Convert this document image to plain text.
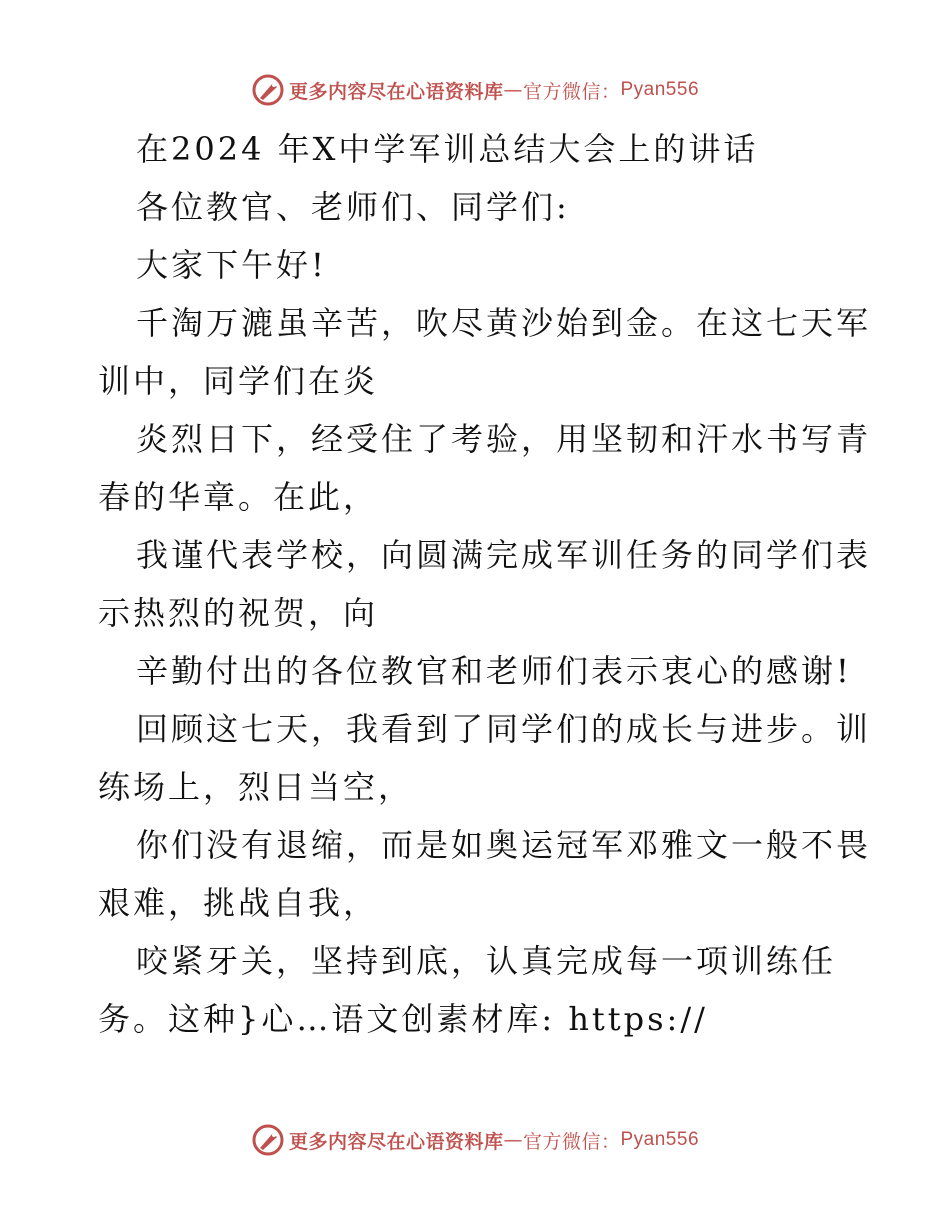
更多内容尽在心语资料库 — 官方微信： Pyan556

在2024 年X中学军训总结大会上的讲话

各位教官、老师们、同学们:

大家下午好!

千淘万漉虽辛苦，吹尽黄沙始到金。在这七天军

训中，同学们在炎

炎烈日下，经受住了考验，用坚韧和汗水书写青

春的华章。在此，

我谨代表学校，向圆满完成军训任务的同学们表

示热烈的祝贺，向

辛勤付出的各位教官和老师们表示衷心的感谢!

回顾这七天，我看到了同学们的成长与进步。训

练场上，烈日当空，

你们没有退缩，而是如奥运冠军邓雅文一般不畏

艰难，挑战自我，

咬紧牙关，坚持到底，认真完成每一项训练任

务。这种}心…语文创素材库: https://

更多内容尽在心语资料库 — 官方微信： Pyan556
